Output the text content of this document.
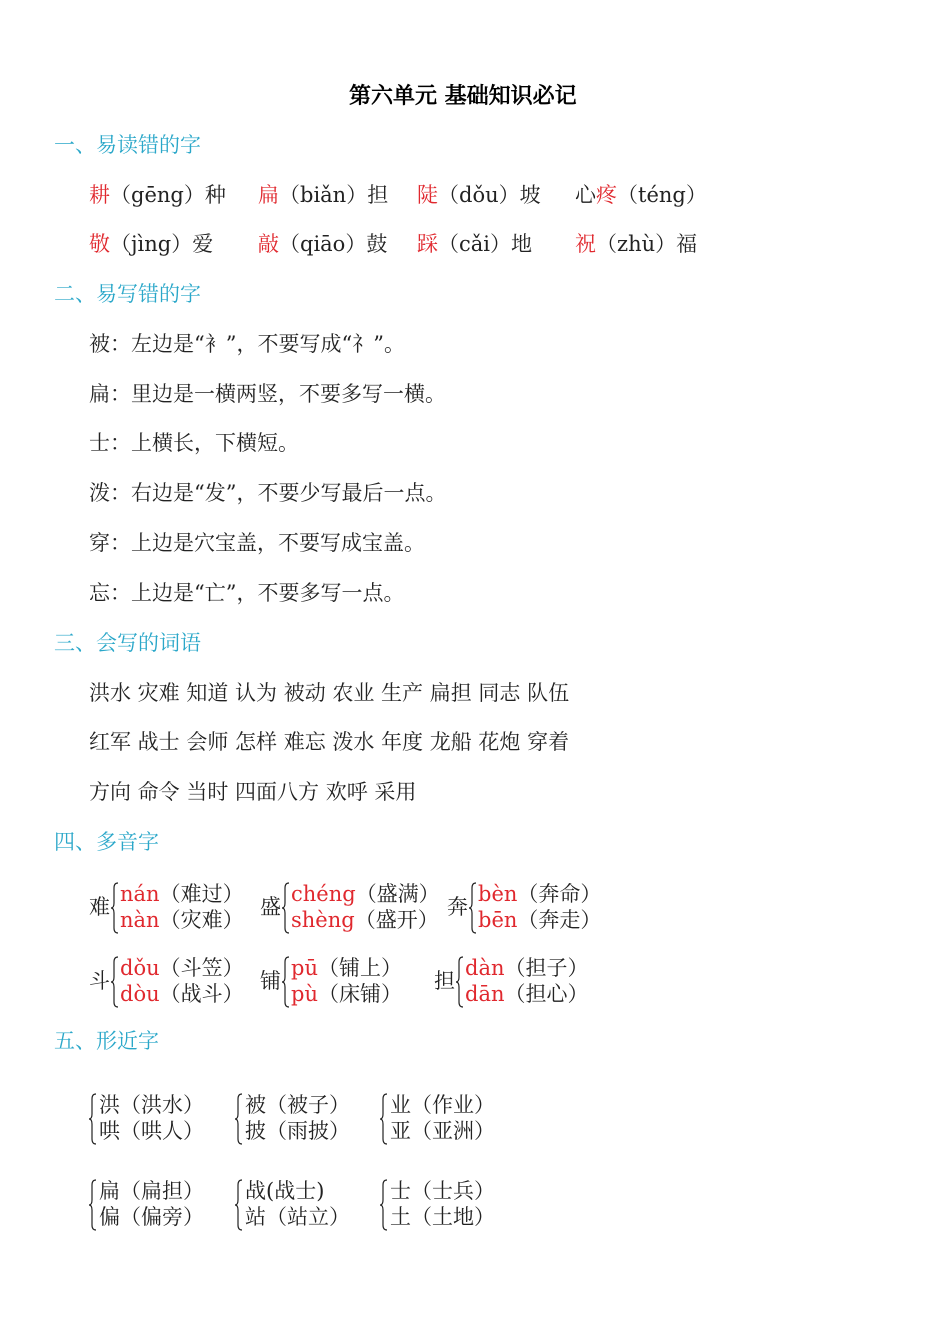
第六单元 基础知识必记
一、易读错的字
耕（gēng）种 扁（biǎn）担 陡（dǒu）坡 心疼（téng）
敬（jìng）爱 敲（qiāo）鼓 踩（cǎi）地 祝（zhù）福
二、易写错的字
被：左边是“衤”，不要写成“礻”。
扁：里边是一横两竖，不要多写一横。
士：上横长，下横短。
泼：右边是“发”，不要少写最后一点。
穿：上边是穴宝盖，不要写成宝盖。
忘：上边是“亡”，不要多写一点。
三、会写的词语
洪水 灾难 知道 认为 被动 农业 生产 扁担 同志 队伍
红军 战士 会师 怎样 难忘 泼水 年度 龙船 花炮 穿着
方向 命令 当时 四面八方 欢呼 采用
四、多音字
难
nán（难过）
nàn（灾难）
盛
chéng（盛满）
shèng（盛开）
奔
bèn（奔命）
bēn（奔走）
斗
dǒu（斗笠）
dòu（战斗）
铺
pū（铺上）
pù（床铺）
担
dàn（担子）
dān（担心）
五、形近字
洪（洪水）
哄（哄人）
被（被子）
披（雨披）
业（作业）
亚（亚洲）
扁（扁担）
偏（偏旁）
战(战士)
站（站立）
士（士兵）
土（土地）
